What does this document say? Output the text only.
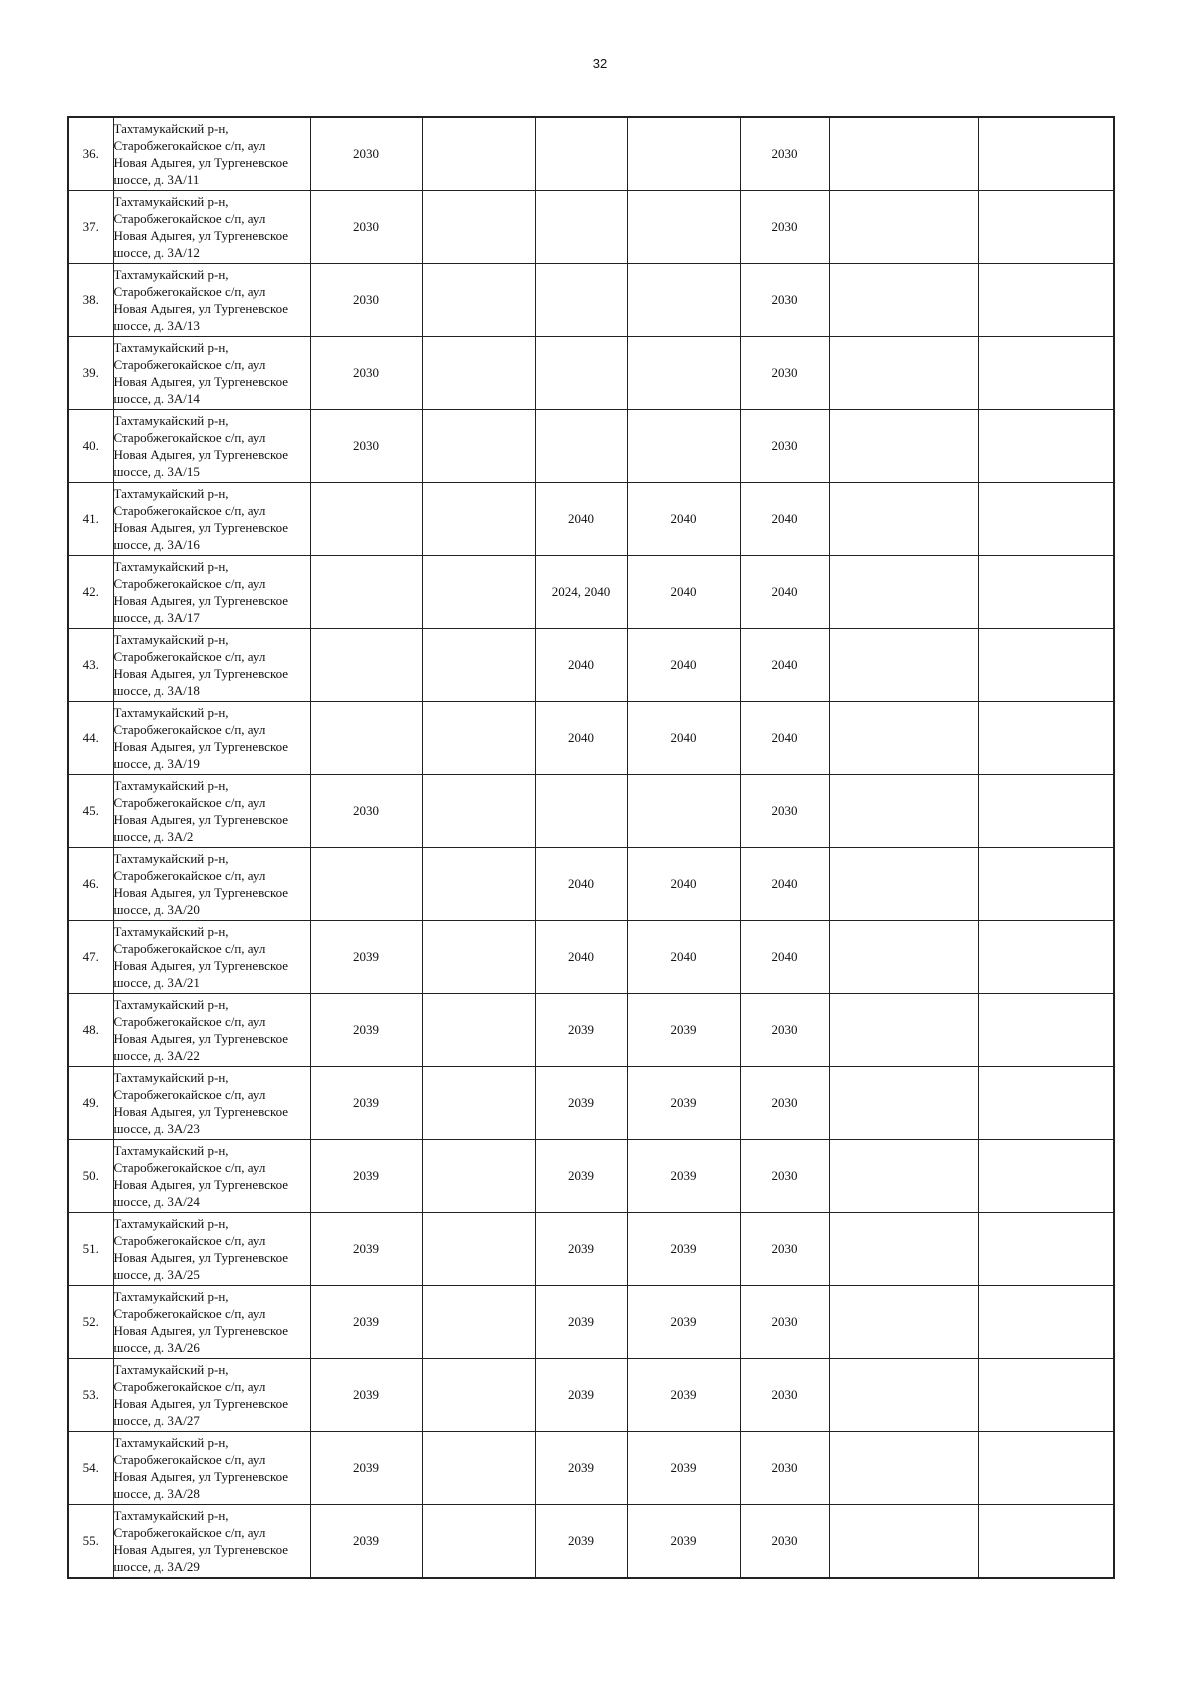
32
36.	Тахтамукайский р-н,
Старобжегокайское с/п, аул
Новая Адыгея, ул Тургеневское
шоссе, д. 3А/11	2030				2030		
37.	Тахтамукайский р-н,
Старобжегокайское с/п, аул
Новая Адыгея, ул Тургеневское
шоссе, д. 3А/12	2030				2030		
38.	Тахтамукайский р-н,
Старобжегокайское с/п, аул
Новая Адыгея, ул Тургеневское
шоссе, д. 3А/13	2030				2030		
39.	Тахтамукайский р-н,
Старобжегокайское с/п, аул
Новая Адыгея, ул Тургеневское
шоссе, д. 3А/14	2030				2030		
40.	Тахтамукайский р-н,
Старобжегокайское с/п, аул
Новая Адыгея, ул Тургеневское
шоссе, д. 3А/15	2030				2030		
41.	Тахтамукайский р-н,
Старобжегокайское с/п, аул
Новая Адыгея, ул Тургеневское
шоссе, д. 3А/16			2040	2040	2040		
42.	Тахтамукайский р-н,
Старобжегокайское с/п, аул
Новая Адыгея, ул Тургеневское
шоссе, д. 3А/17			2024, 2040	2040	2040		
43.	Тахтамукайский р-н,
Старобжегокайское с/п, аул
Новая Адыгея, ул Тургеневское
шоссе, д. 3А/18			2040	2040	2040		
44.	Тахтамукайский р-н,
Старобжегокайское с/п, аул
Новая Адыгея, ул Тургеневское
шоссе, д. 3А/19			2040	2040	2040		
45.	Тахтамукайский р-н,
Старобжегокайское с/п, аул
Новая Адыгея, ул Тургеневское
шоссе, д. 3А/2	2030				2030		
46.	Тахтамукайский р-н,
Старобжегокайское с/п, аул
Новая Адыгея, ул Тургеневское
шоссе, д. 3А/20			2040	2040	2040		
47.	Тахтамукайский р-н,
Старобжегокайское с/п, аул
Новая Адыгея, ул Тургеневское
шоссе, д. 3А/21	2039		2040	2040	2040		
48.	Тахтамукайский р-н,
Старобжегокайское с/п, аул
Новая Адыгея, ул Тургеневское
шоссе, д. 3А/22	2039		2039	2039	2030		
49.	Тахтамукайский р-н,
Старобжегокайское с/п, аул
Новая Адыгея, ул Тургеневское
шоссе, д. 3А/23	2039		2039	2039	2030		
50.	Тахтамукайский р-н,
Старобжегокайское с/п, аул
Новая Адыгея, ул Тургеневское
шоссе, д. 3А/24	2039		2039	2039	2030		
51.	Тахтамукайский р-н,
Старобжегокайское с/п, аул
Новая Адыгея, ул Тургеневское
шоссе, д. 3А/25	2039		2039	2039	2030		
52.	Тахтамукайский р-н,
Старобжегокайское с/п, аул
Новая Адыгея, ул Тургеневское
шоссе, д. 3А/26	2039		2039	2039	2030		
53.	Тахтамукайский р-н,
Старобжегокайское с/п, аул
Новая Адыгея, ул Тургеневское
шоссе, д. 3А/27	2039		2039	2039	2030		
54.	Тахтамукайский р-н,
Старобжегокайское с/п, аул
Новая Адыгея, ул Тургеневское
шоссе, д. 3А/28	2039		2039	2039	2030		
55.	Тахтамукайский р-н,
Старобжегокайское с/п, аул
Новая Адыгея, ул Тургеневское
шоссе, д. 3А/29	2039		2039	2039	2030		
